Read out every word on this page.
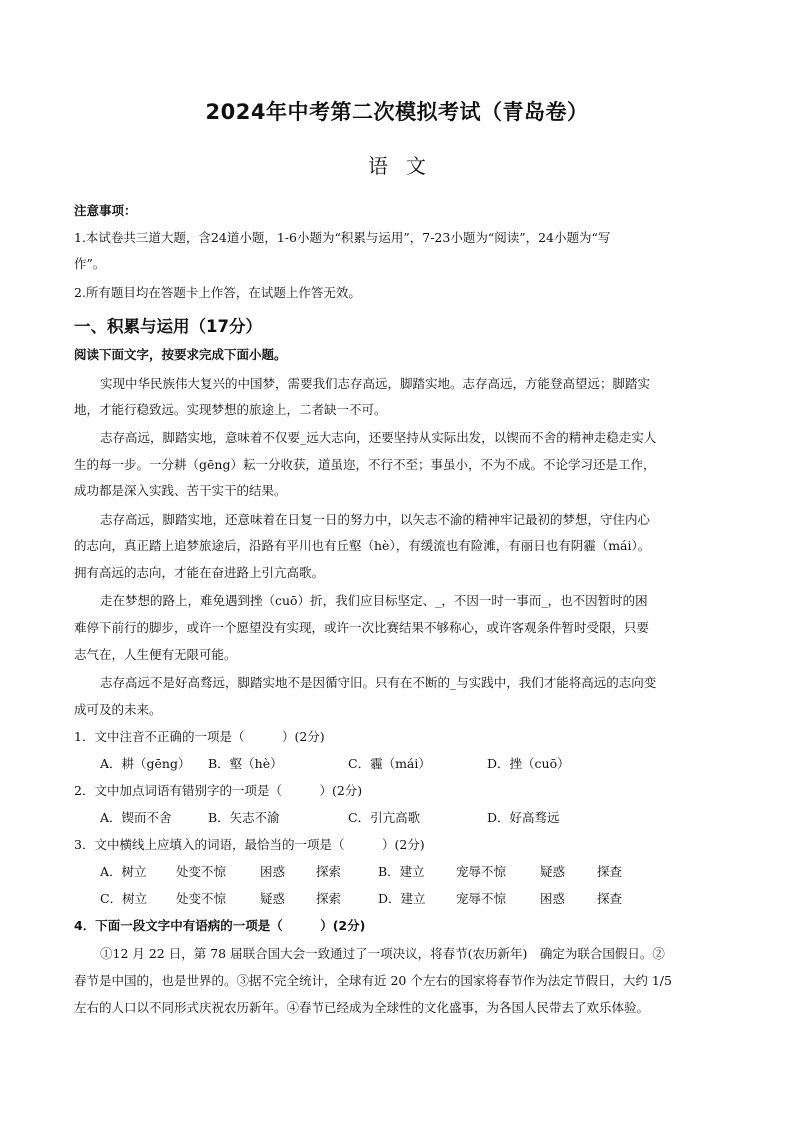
2024年中考第二次模拟考试（青岛卷）
语文
注意事项：
1.本试卷共三道大题，含24道小题，1-6小题为“积累与运用”，7-23小题为“阅读”，24小题为“写
作”。
2.所有题目均在答题卡上作答，在试题上作答无效。
一、积累与运用（17分）
阅读下面文字，按要求完成下面小题。
实现中华民族伟大复兴的中国梦，需要我们志存高远，脚踏实地。志存高远，方能登高望远；脚踏实
地，才能行稳致远。实现梦想的旅途上，二者缺一不可。
志存高远，脚踏实地，意味着不仅要_远大志向，还要坚持从实际出发，以锲而不舍的精神走稳走实人
生的每一步。一分耕（gēng）耘一分收获，道虽迩，不行不至；事虽小，不为不成。不论学习还是工作，
成功都是深入实践、苦干实干的结果。
志存高远，脚踏实地，还意味着在日复一日的努力中，以矢志不渝的精神牢记最初的梦想，守住内心
的志向，真正踏上追梦旅途后，沿路有平川也有丘壑（hè），有缓流也有险滩，有丽日也有阴霾（mái）。
拥有高远的志向，才能在奋进路上引亢高歌。
走在梦想的路上，难免遇到挫（cuō）折，我们应目标坚定、_，不因一时一事而_，也不因暂时的困
难停下前行的脚步，或许一个愿望没有实现，或许一次比赛结果不够称心，或许客观条件暂时受限，只要
志气在，人生便有无限可能。
志存高远不是好高骛远，脚踏实地不是因循守旧。只有在不断的_与实践中，我们才能将高远的志向变
成可及的未来。
1．文中注音不正确的一项是（　　　）(2分)
A．耕（gēng） B．壑（hè）	C．霾（mái）	D．挫（cuō）
2．文中加点词语有错别字的一项是（　　　）(2分)
A．锲而不舍	B．矢志不渝	C．引亢高歌	D．好高骛远
3．文中横线上应填入的词语，最恰当的一项是（　　　）(2分)
A．树立 处变不惊	困惑 探索	B．建立	宠辱不惊	疑惑	探查
C．树立 处变不惊	疑惑 探索	D．建立 宠辱不惊	困惑	探查
4．下面一段文字中有语病的一项是（　　　）(2分)
①12 月 22 日，第 78 届联合国大会一致通过了一项决议，将春节(农历新年)　确定为联合国假日。②
春节是中国的，也是世界的。③据不完全统计，全球有近 20 个左右的国家将春节作为法定节假日，大约 1/5
左右的人口以不同形式庆祝农历新年。④春节已经成为全球性的文化盛事，为各国人民带去了欢乐体验。
